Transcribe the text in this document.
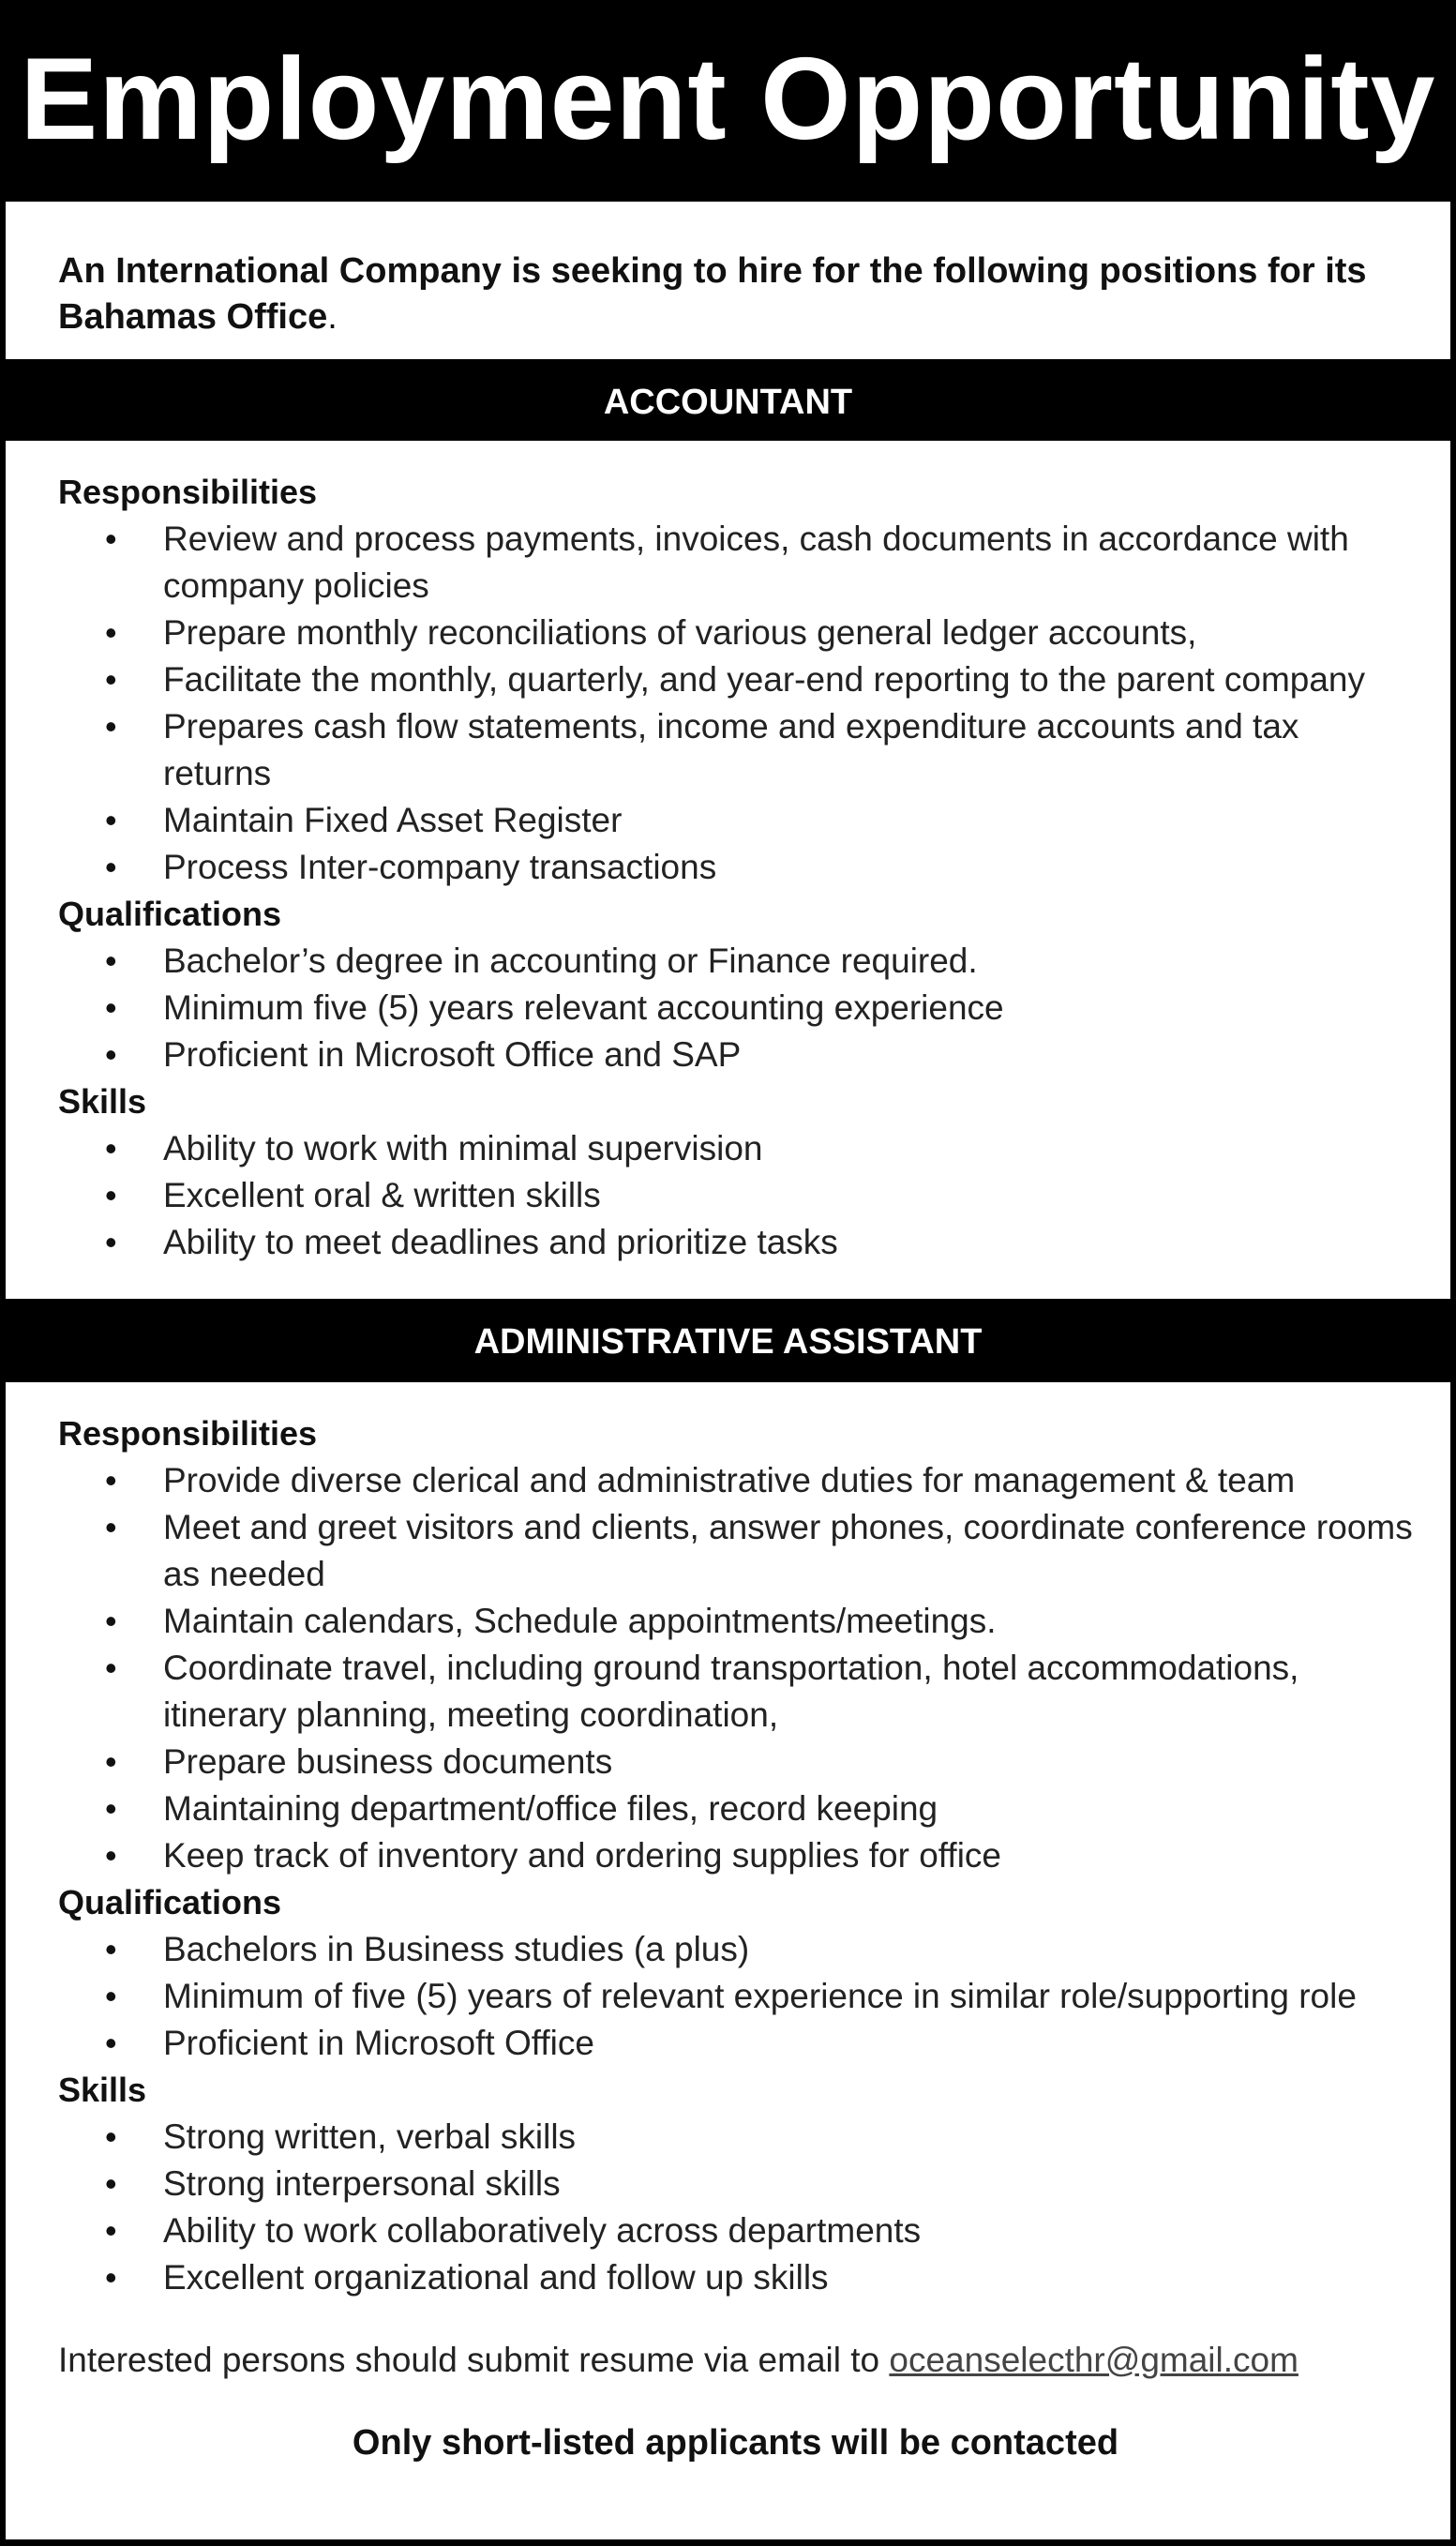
Employment Opportunity
An International Company is seeking to hire for the following positions for its Bahamas Office.
ACCOUNTANT
Responsibilities
• Review and process payments, invoices, cash documents in accordance with company policies
• Prepare monthly reconciliations of various general ledger accounts,
• Facilitate the monthly, quarterly, and year-end reporting to the parent company
• Prepares cash flow statements, income and expenditure accounts and tax returns
• Maintain Fixed Asset Register
• Process Inter-company transactions
Qualifications
• Bachelor’s degree in accounting or Finance required.
• Minimum five (5) years relevant accounting experience
• Proficient in Microsoft Office and SAP
Skills
• Ability to work with minimal supervision
• Excellent oral & written skills
• Ability to meet deadlines and prioritize tasks
ADMINISTRATIVE ASSISTANT
Responsibilities
• Provide diverse clerical and administrative duties for management & team
• Meet and greet visitors and clients, answer phones, coordinate conference rooms as needed
• Maintain calendars, Schedule appointments/meetings.
• Coordinate travel, including ground transportation, hotel accommodations, itinerary planning, meeting coordination,
• Prepare business documents
• Maintaining department/office files, record keeping
• Keep track of inventory and ordering supplies for office
Qualifications
• Bachelors in Business studies (a plus)
• Minimum of five (5) years of relevant experience in similar role/supporting role
• Proficient in Microsoft Office
Skills
• Strong written, verbal skills
• Strong interpersonal skills
• Ability to work collaboratively across departments
• Excellent organizational and follow up skills
Interested persons should submit resume via email to oceanselecthr@gmail.com
Only short-listed applicants will be contacted
